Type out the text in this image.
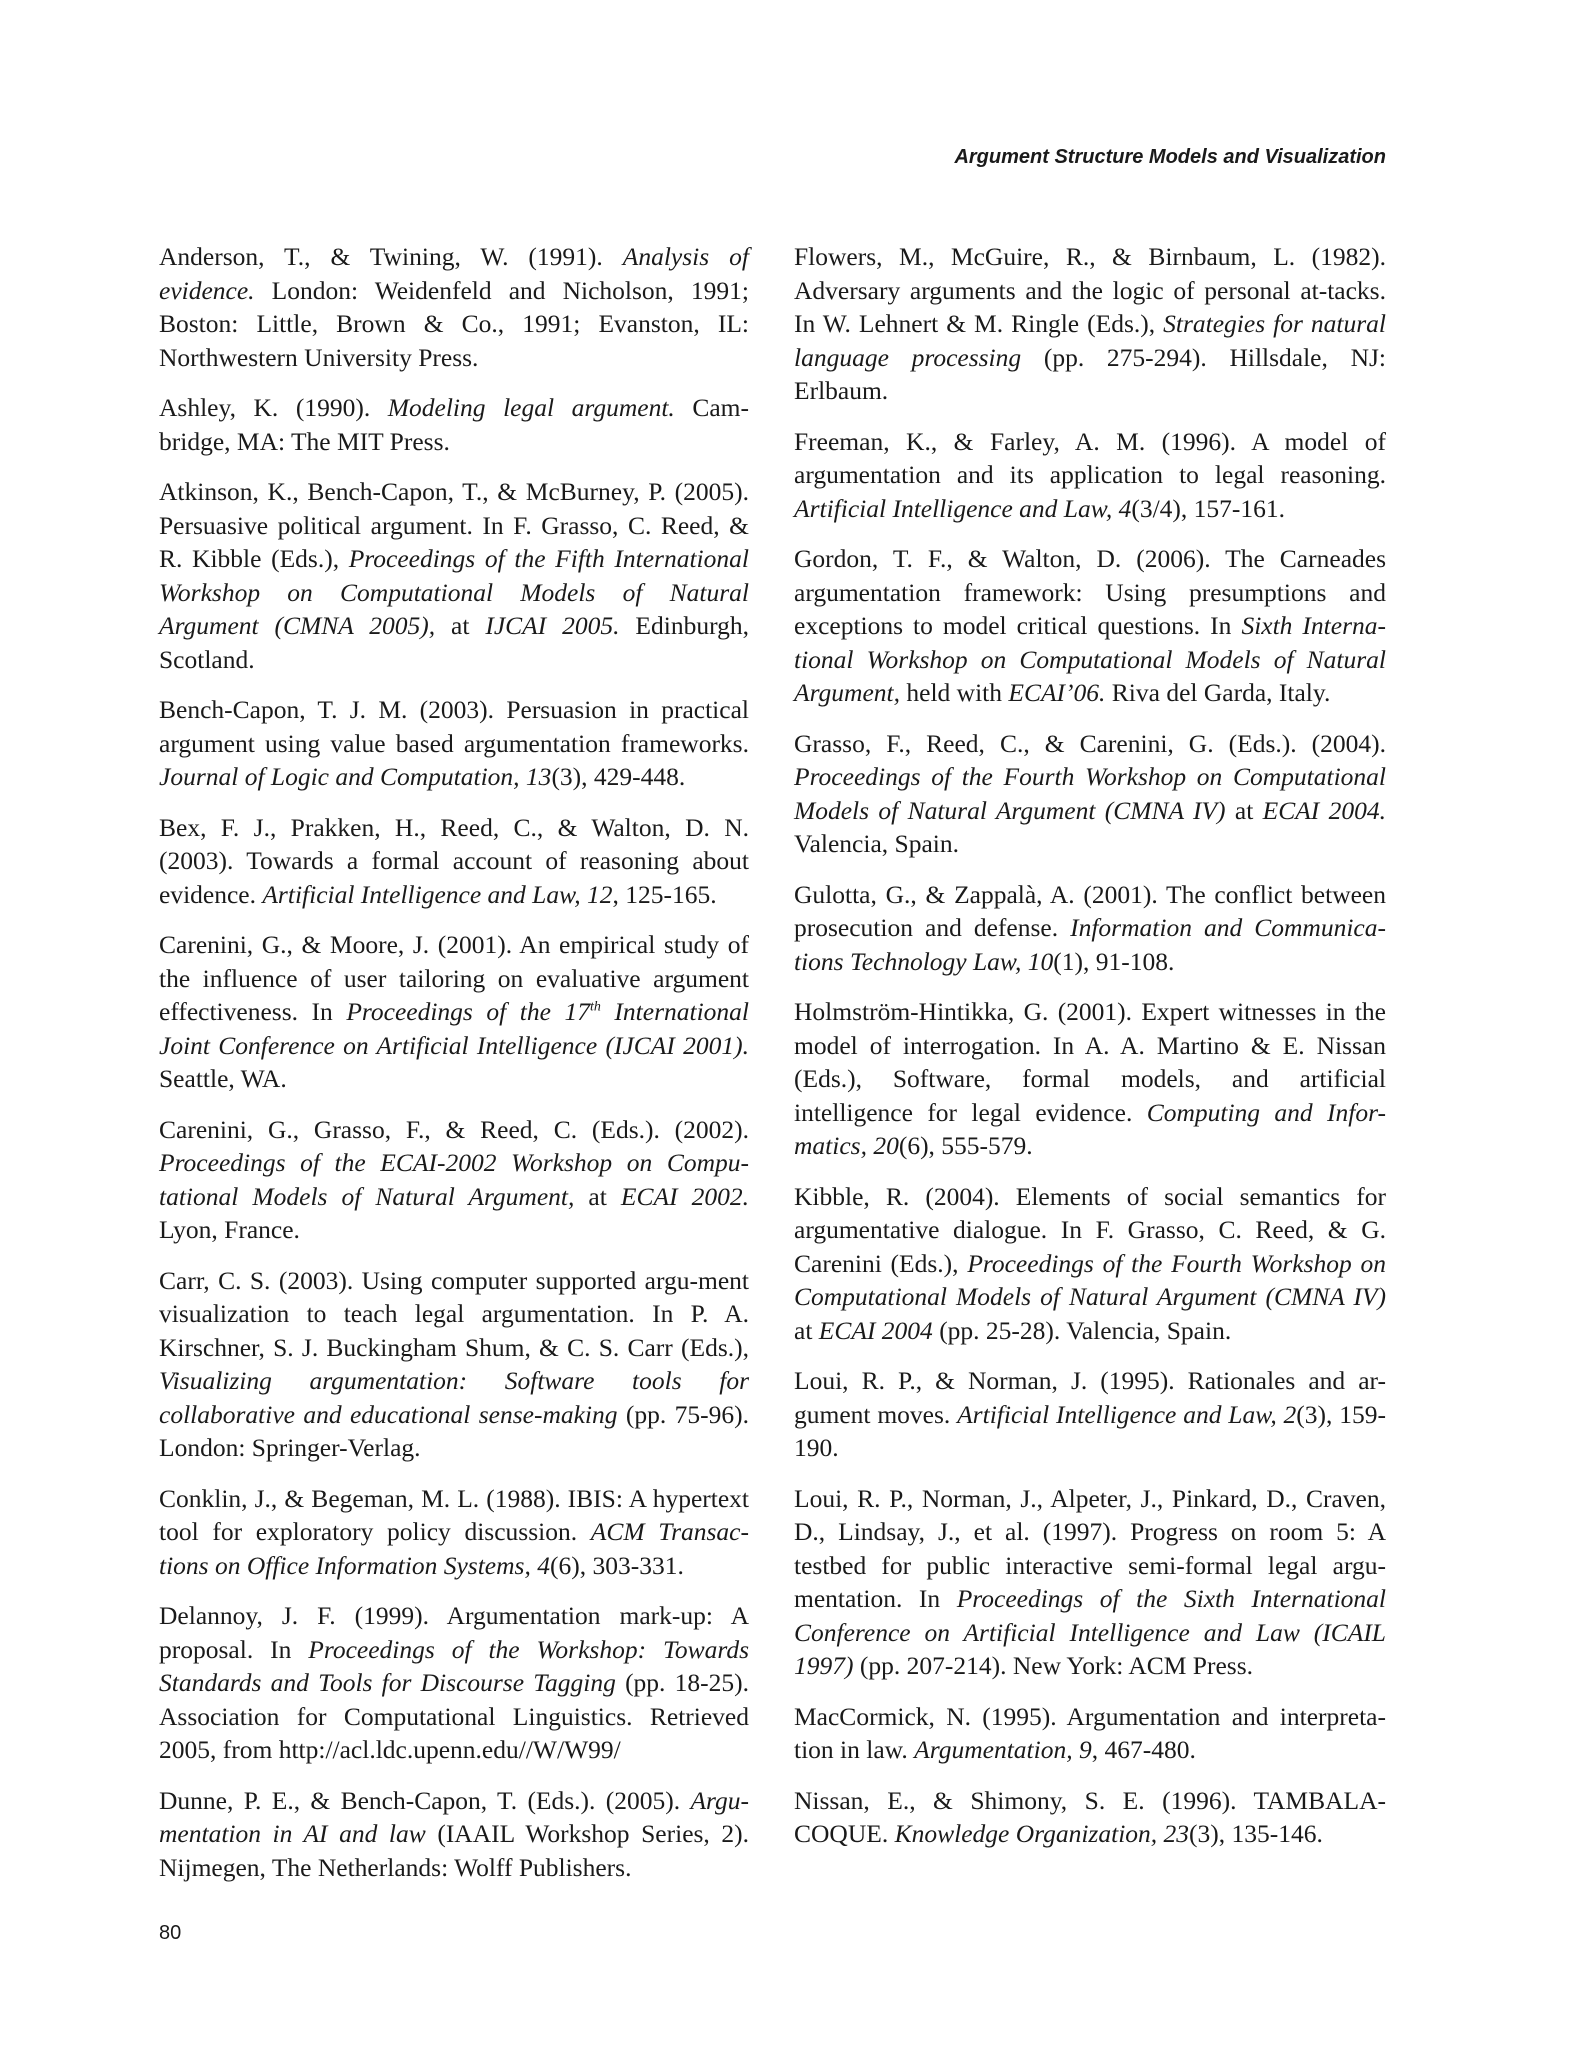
Argument Structure Models and Visualization

Anderson, T., & Twining, W. (1991). Analysis of evidence. London: Weidenfeld and Nicholson, 1991; Boston: Little, Brown & Co., 1991; Evanston, IL: Northwestern University Press.

Ashley, K. (1990). Modeling legal argument. Cam-bridge, MA: The MIT Press.

Atkinson, K., Bench-Capon, T., & McBurney, P. (2005). Persuasive political argument. In F. Grasso, C. Reed, & R. Kibble (Eds.), Proceedings of the Fifth International Workshop on Computational Models of Natural Argument (CMNA 2005), at IJCAI 2005. Edinburgh, Scotland.

Bench-Capon, T. J. M. (2003). Persuasion in practical argument using value based argumentation frameworks. Journal of Logic and Computation, 13(3), 429-448.

Bex, F. J., Prakken, H., Reed, C., & Walton, D. N. (2003). Towards a formal account of reasoning about evidence. Artificial Intelligence and Law, 12, 125-165.

Carenini, G., & Moore, J. (2001). An empirical study of the influence of user tailoring on evaluative argument effectiveness. In Proceedings of the 17th International Joint Conference on Artificial Intelligence (IJCAI 2001). Seattle, WA.

Carenini, G., Grasso, F., & Reed, C. (Eds.). (2002). Proceedings of the ECAI-2002 Workshop on Compu-tational Models of Natural Argument, at ECAI 2002. Lyon, France.

Carr, C. S. (2003). Using computer supported argu-ment visualization to teach legal argumentation. In P. A. Kirschner, S. J. Buckingham Shum, & C. S. Carr (Eds.), Visualizing argumentation: Software tools for collaborative and educational sense-making (pp. 75-96). London: Springer-Verlag.

Conklin, J., & Begeman, M. L. (1988). IBIS: A hypertext tool for exploratory policy discussion. ACM Transac-tions on Office Information Systems, 4(6), 303-331.

Delannoy, J. F. (1999). Argumentation mark-up: A proposal. In Proceedings of the Workshop: Towards Standards and Tools for Discourse Tagging (pp. 18-25). Association for Computational Linguistics. Retrieved 2005, from http://acl.ldc.upenn.edu//W/W99/

Dunne, P. E., & Bench-Capon, T. (Eds.). (2005). Argu-mentation in AI and law (IAAIL Workshop Series, 2). Nijmegen, The Netherlands: Wolff Publishers.

Flowers, M., McGuire, R., & Birnbaum, L. (1982). Adversary arguments and the logic of personal at-tacks. In W. Lehnert & M. Ringle (Eds.), Strategies for natural language processing (pp. 275-294). Hillsdale, NJ: Erlbaum.

Freeman, K., & Farley, A. M. (1996). A model of argumentation and its application to legal reasoning. Artificial Intelligence and Law, 4(3/4), 157-161.

Gordon, T. F., & Walton, D. (2006). The Carneades argumentation framework: Using presumptions and exceptions to model critical questions. In Sixth Interna-tional Workshop on Computational Models of Natural Argument, held with ECAI’06. Riva del Garda, Italy.

Grasso, F., Reed, C., & Carenini, G. (Eds.). (2004). Proceedings of the Fourth Workshop on Computational Models of Natural Argument (CMNA IV) at ECAI 2004. Valencia, Spain.

Gulotta, G., & Zappalà, A. (2001). The conflict between prosecution and defense. Information and Communica-tions Technology Law, 10(1), 91-108.

Holmström-Hintikka, G. (2001). Expert witnesses in the model of interrogation. In A. A. Martino & E. Nissan (Eds.), Software, formal models, and artificial intelligence for legal evidence. Computing and Infor-matics, 20(6), 555-579.

Kibble, R. (2004). Elements of social semantics for argumentative dialogue. In F. Grasso, C. Reed, & G. Carenini (Eds.), Proceedings of the Fourth Workshop on Computational Models of Natural Argument (CMNA IV) at ECAI 2004 (pp. 25-28). Valencia, Spain.

Loui, R. P., & Norman, J. (1995). Rationales and ar-gument moves. Artificial Intelligence and Law, 2(3), 159-190.

Loui, R. P., Norman, J., Alpeter, J., Pinkard, D., Craven, D., Lindsay, J., et al. (1997). Progress on room 5: A testbed for public interactive semi-formal legal argu-mentation. In Proceedings of the Sixth International Conference on Artificial Intelligence and Law (ICAIL 1997) (pp. 207-214). New York: ACM Press.

MacCormick, N. (1995). Argumentation and interpreta-tion in law. Argumentation, 9, 467-480.

Nissan, E., & Shimony, S. E. (1996). TAMBALA-COQUE. Knowledge Organization, 23(3), 135-146.

80
